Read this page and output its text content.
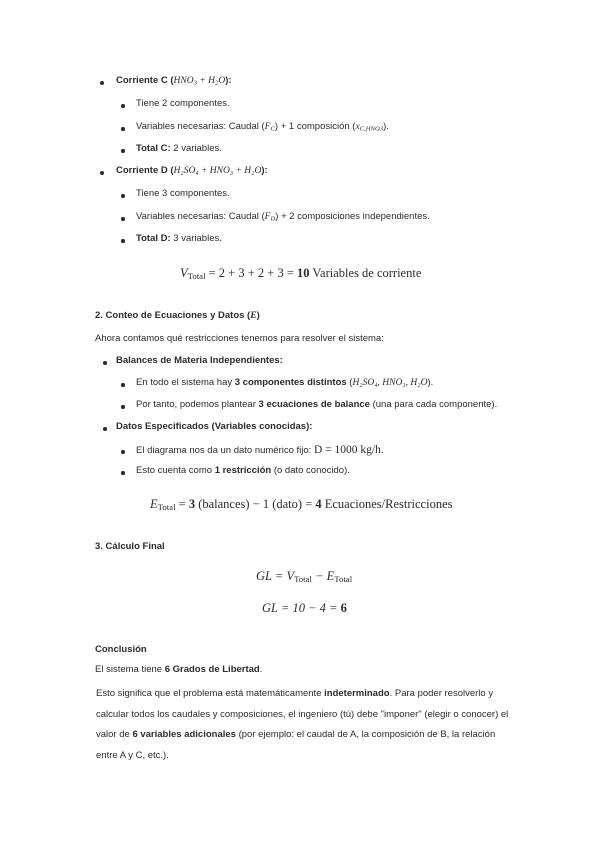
Corriente C $(HNO_3 + H_2O)$:
Tiene 2 componentes.
Variables necesarias: Caudal $(F_C) + 1$ composición $(x_{C,HNO3})$.
Total C: 2 variables.
Corriente D (H₂SO₄ + HNO₃ + H₂O):
Tiene 3 componentes.
Variables necesarias: Caudal $(F_D) + 2$ composiciones independientes.
Total D: 3 variables.
$V_{Total} = 2 + 3 + 2 + 3 = 10$ Variables de corriente
2. Conteo de Ecuaciones y Datos (E)
Ahora contamos qué restricciones tenemos para resolver el sistema:
Balances de Materia Independientes:
En todo el sistema hay 3 componentes distintos (H₂SO₄, HNO₃, H₂O).
Por tanto, podemos plantear 3 ecuaciones de balance (una para cada componente).
Datos Especificados (Variables conocidas):
El diagrama nos da un dato numérico fijo: D = 1000 kg/h.
Esto cuenta como 1 restricción (o dato conocido).
$E_{Total} = 3$ (balances) − 1 (dato) = 4 Ecuaciones/Restricciones
3. Cálculo Final
GL = $V_{Total} - E_{Total}$
GL = 10 − 4 = 6
Conclusión
El sistema tiene 6 Grados de Libertad.
Esto significa que el problema está matemáticamente indeterminado. Para poder resolverlo y calcular todos los caudales y composiciones, el ingeniero (tú) debe "imponer" (elegir o conocer) el valor de 6 variables adicionales (por ejemplo: el caudal de A, la composición de B, la relación entre A y C, etc.).
